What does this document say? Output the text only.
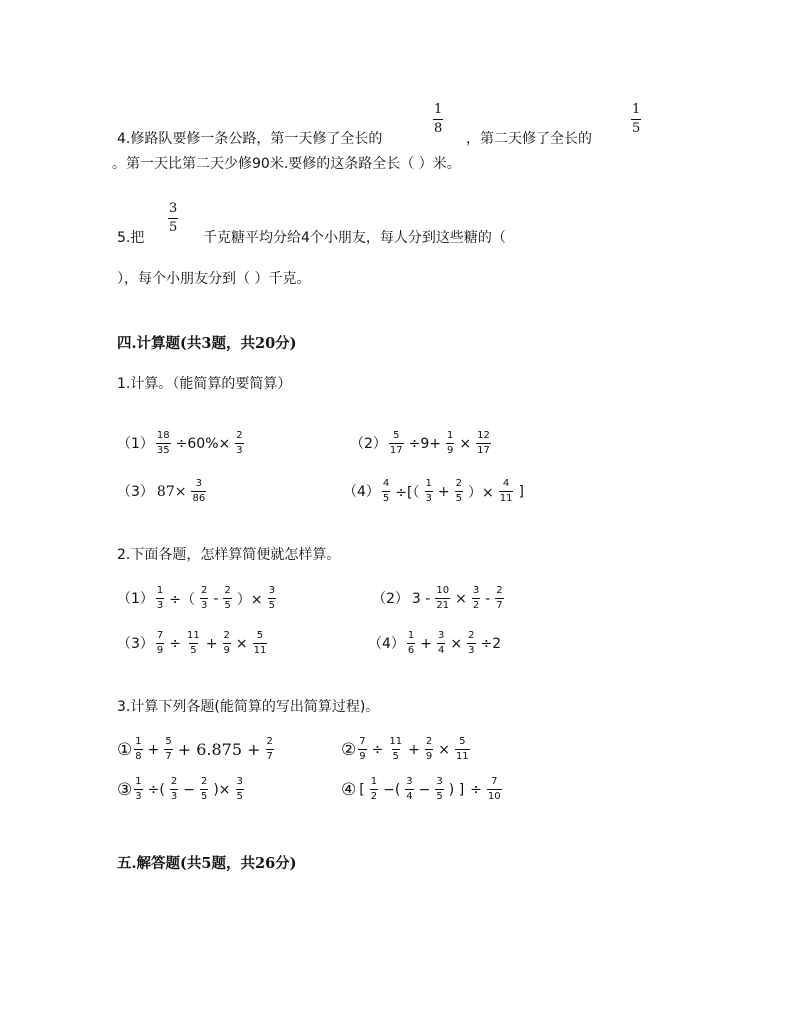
$\frac{1}{8}$	$\frac{1}{5}$
4.修路队要修一条公路，第一天修了全长的	，第二天修了全长的
。第一天比第二天少修90米.要修的这条路全长（ ）米。
$\frac{3}{5}$
5.把	千克糖平均分给4个小朋友，每人分到这些糖的（
），每个小朋友分到（ ）千克。
四.计算题(共3题，共20分)
1.计算。（能简算的要简算）
$(1) \frac{18}{35} \div 60\%\times \frac{2}{3}$	$(2) \frac{5}{17} \div 9+ \frac{1}{9} \times \frac{12}{17}$
（3） $87\times \frac{3}{86}$	$(4) \frac{4}{5}$ ÷[（ $\frac{1}{3} + \frac{2}{5}$ ）× $\frac{4}{11}$ ]
2.下面各题，怎样算简便就怎样算。
$(1) \frac{1}{3}$ ÷（ $\frac{2}{3} - \frac{2}{5}$ ）× $\frac{3}{5}$	（2） $3 - \frac{10}{21} \times \frac{3}{2} - \frac{2}{7}$
$(3) \frac{7}{9} \div \frac{11}{5} + \frac{2}{9} \times \frac{5}{11}$	$(4) \frac{1}{6} + \frac{3}{4} \times \frac{2}{3} \div 2$
3.计算下列各题(能简算的写出简算过程)。
① $\frac{1}{8} + \frac{5}{7} + 6.875 + \frac{2}{7}$	② $\frac{7}{9} \div \frac{11}{5} + \frac{2}{9} \times \frac{5}{11}$
③ $\frac{1}{3}$ ÷( $\frac{2}{3} - \frac{2}{5}$ )× $\frac{3}{5}$	④ [ $\frac{1}{2}$ −( $\frac{3}{4} - \frac{3}{5}$ ) ] ÷ $\frac{7}{10}$
五.解答题(共5题，共26分)
